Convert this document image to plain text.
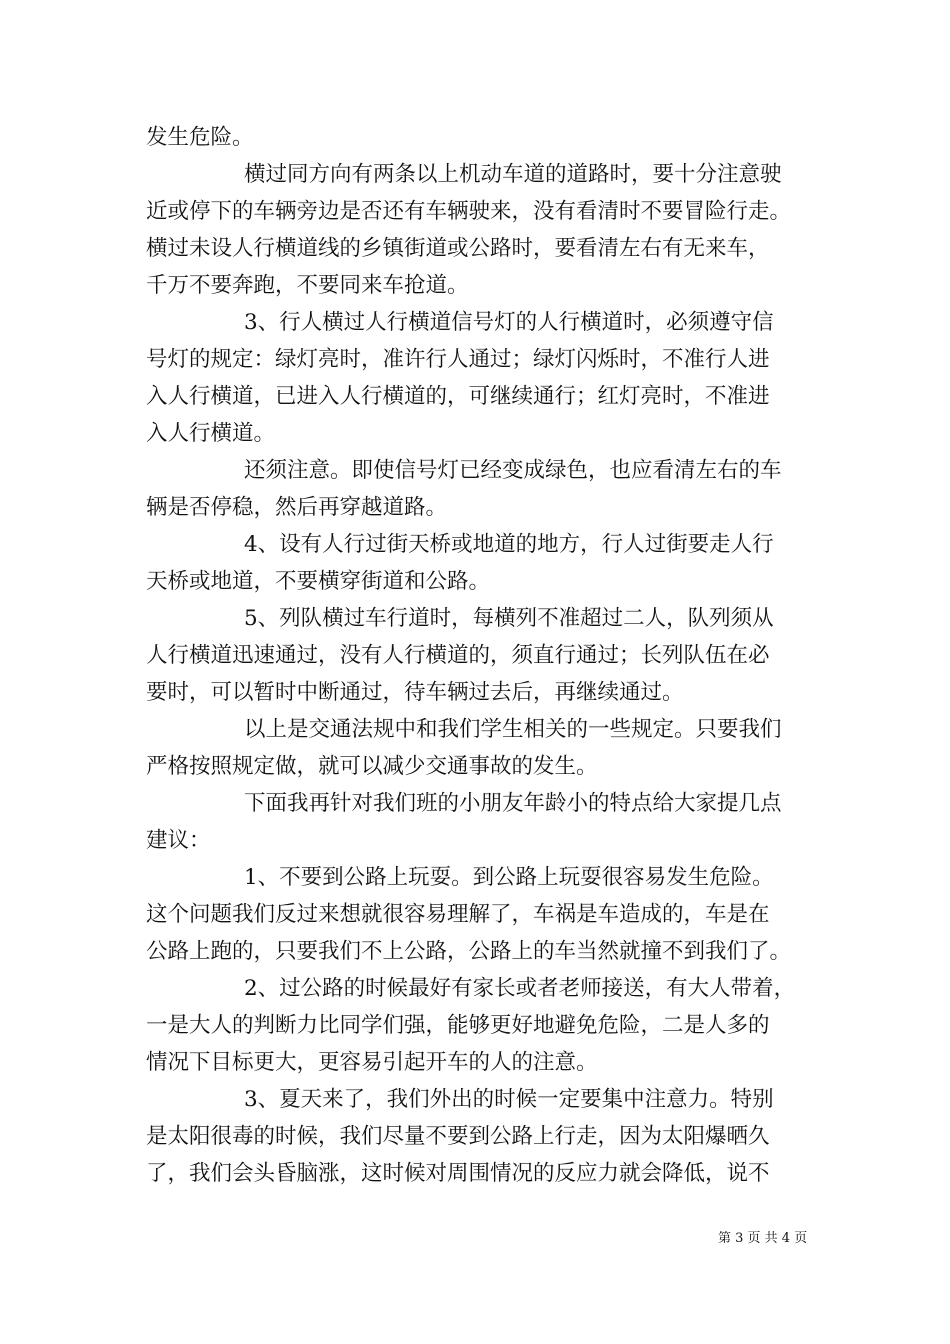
发生危险。
横过同方向有两条以上机动车道的道路时，要十分注意驶
近或停下的车辆旁边是否还有车辆驶来，没有看清时不要冒险行走。
横过未设人行横道线的乡镇街道或公路时，要看清左右有无来车，
千万不要奔跑，不要同来车抢道。
3、行人横过人行横道信号灯的人行横道时，必须遵守信
号灯的规定：绿灯亮时，准许行人通过；绿灯闪烁时，不准行人进
入人行横道，已进入人行横道的，可继续通行；红灯亮时，不准进
入人行横道。
还须注意。即使信号灯已经变成绿色，也应看清左右的车
辆是否停稳，然后再穿越道路。
4、设有人行过街天桥或地道的地方，行人过街要走人行
天桥或地道，不要横穿街道和公路。
5、列队横过车行道时，每横列不准超过二人，队列须从
人行横道迅速通过，没有人行横道的，须直行通过；长列队伍在必
要时，可以暂时中断通过，待车辆过去后，再继续通过。
以上是交通法规中和我们学生相关的一些规定。只要我们
严格按照规定做，就可以减少交通事故的发生。
下面我再针对我们班的小朋友年龄小的特点给大家提几点
建议：
1、不要到公路上玩耍。到公路上玩耍很容易发生危险。
这个问题我们反过来想就很容易理解了，车祸是车造成的，车是在
公路上跑的，只要我们不上公路，公路上的车当然就撞不到我们了。
2、过公路的时候最好有家长或者老师接送，有大人带着，
一是大人的判断力比同学们强，能够更好地避免危险，二是人多的
情况下目标更大，更容易引起开车的人的注意。
3、夏天来了，我们外出的时候一定要集中注意力。特别
是太阳很毒的时候，我们尽量不要到公路上行走，因为太阳爆晒久
了，我们会头昏脑涨，这时候对周围情况的反应力就会降低，说不
第 3 页 共 4 页
